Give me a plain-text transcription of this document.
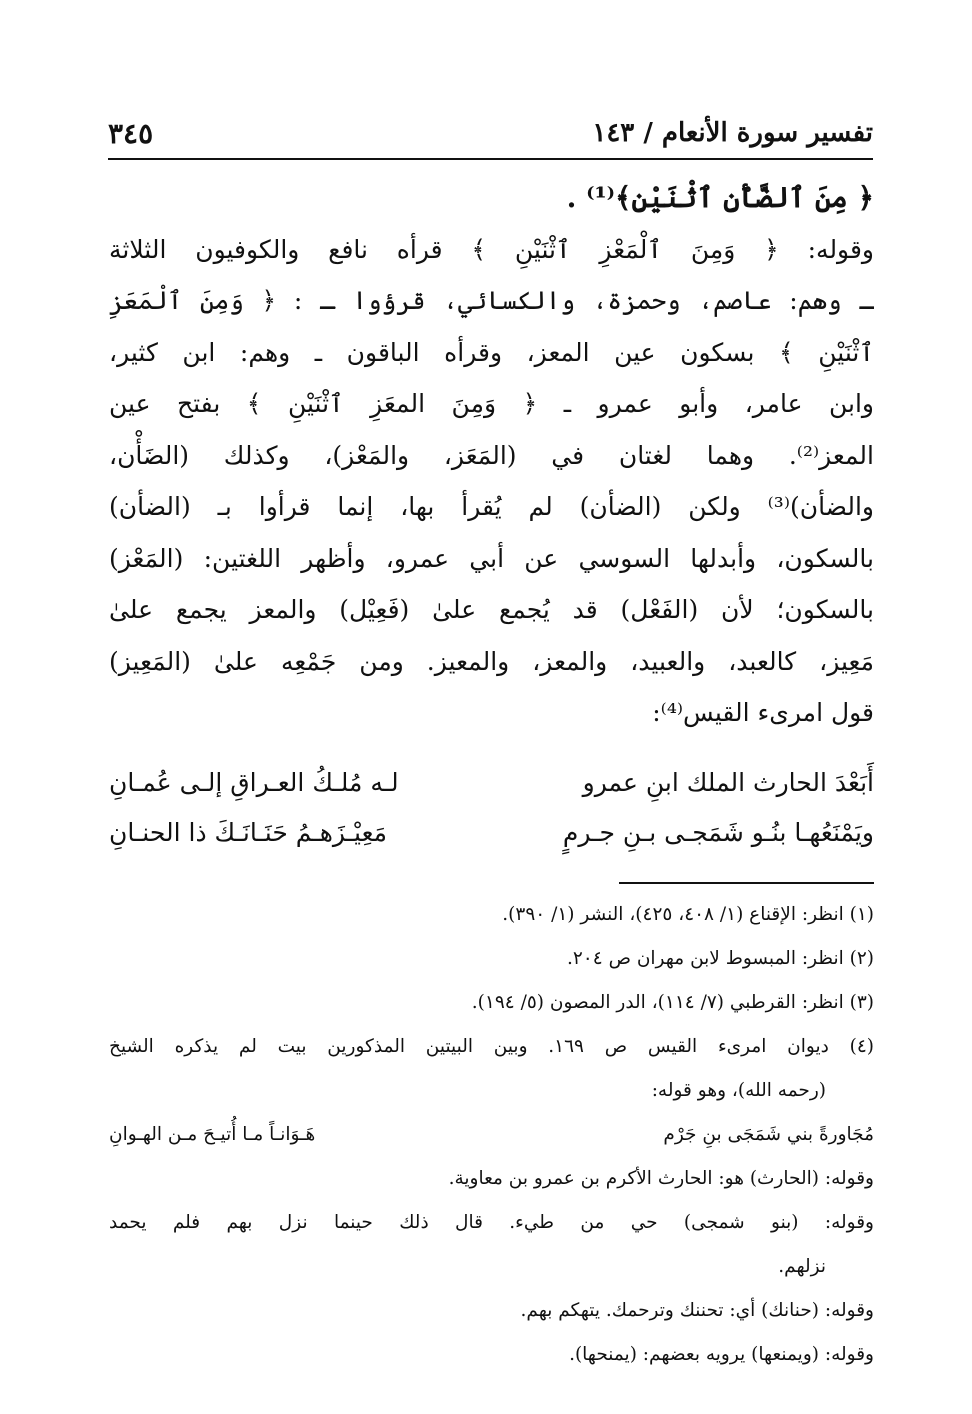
تفسير سورة الأنعام / ١٤٣
٣٤٥
﴿ مِنَ ٱلضَّأْنِ ٱثْنَيْنِ﴾⁽¹⁾ .
وقوله: ﴿ وَمِنَ ٱلْمَعْزِ ٱثْنَيْنِ ﴾ قرأه نافع والكوفيون الثلاثة
ـ وهم: عاصم، وحمزة، والكسائي، قرؤوا ـ : ﴿ وَمِنَ ٱلْمَعَزِ
ٱثْنَيْنِ ﴾ بسكون عين المعز، وقرأه الباقون ـ وهم: ابن كثير،
وابن عامر، وأبو عمرو ـ ﴿ وَمِنَ المعَزِ ٱثْنَيْنِ ﴾ بفتح عين
المعز⁽²⁾. وهما لغتان في (المَعَز، والمَعْز)، وكذلك (الضَأْن،
والضأن)⁽³⁾ ولكن (الضأن) لم يُقرأ بها، إنما قرأوا بـ (الضأن)
بالسكون، وأبدلها السوسي عن أبي عمرو، وأظهر اللغتين: (المَعْز)
بالسكون؛ لأن (الفَعْل) قد يُجمع علىٰ (فَعِيْل) والمعز يجمع علىٰ
مَعِيز، كالعبد، والعبيد، والمعز، والمعيز. ومن جَمْعِه علىٰ (المَعِيز)
قول امرىء القيس⁽⁴⁾:
أَبَعْدَ الحارث الملك ابنِ عمرو
لـه مُلـكُ العـراقِ إلـى عُمـانِ
ويَمْنَعُهـا بنُـو شَمَجـى بـنِ جـرمٍ
مَعِيْـزَهـمُ حَنَـانَـكَ ذا الحنـانِ
(١) انظر: الإقناع (١/ ٤٠٨، ٤٢٥)، النشر (١/ ٣٩٠).
(٢) انظر: المبسوط لابن مهران ص ٢٠٤.
(٣) انظر: القرطبي (٧/ ١١٤)، الدر المصون (٥/ ١٩٤).
(٤) ديوان امرىء القيس ص ١٦٩. وبين البيتين المذكورين بيت لم يذكره الشيخ
(رحمه الله)، وهو قوله:
مُجَاورةً بني شَمَجَى بنِ جَرْم
هَـوَانـاً مـا أُتيـحَ مـن الهـوانِ
وقوله: (الحارث) هو: الحارث الأكرم بن عمرو بن معاوية.
وقوله: (بنو شمجى) حي من طيء. قال ذلك حينما نزل بهم فلم يحمد
نزلهم.
وقوله: (حنانك) أي: تحننك وترحمك. يتهكم بهم.
وقوله: (ويمنعها) يرويه بعضهم: (يمنحها).
